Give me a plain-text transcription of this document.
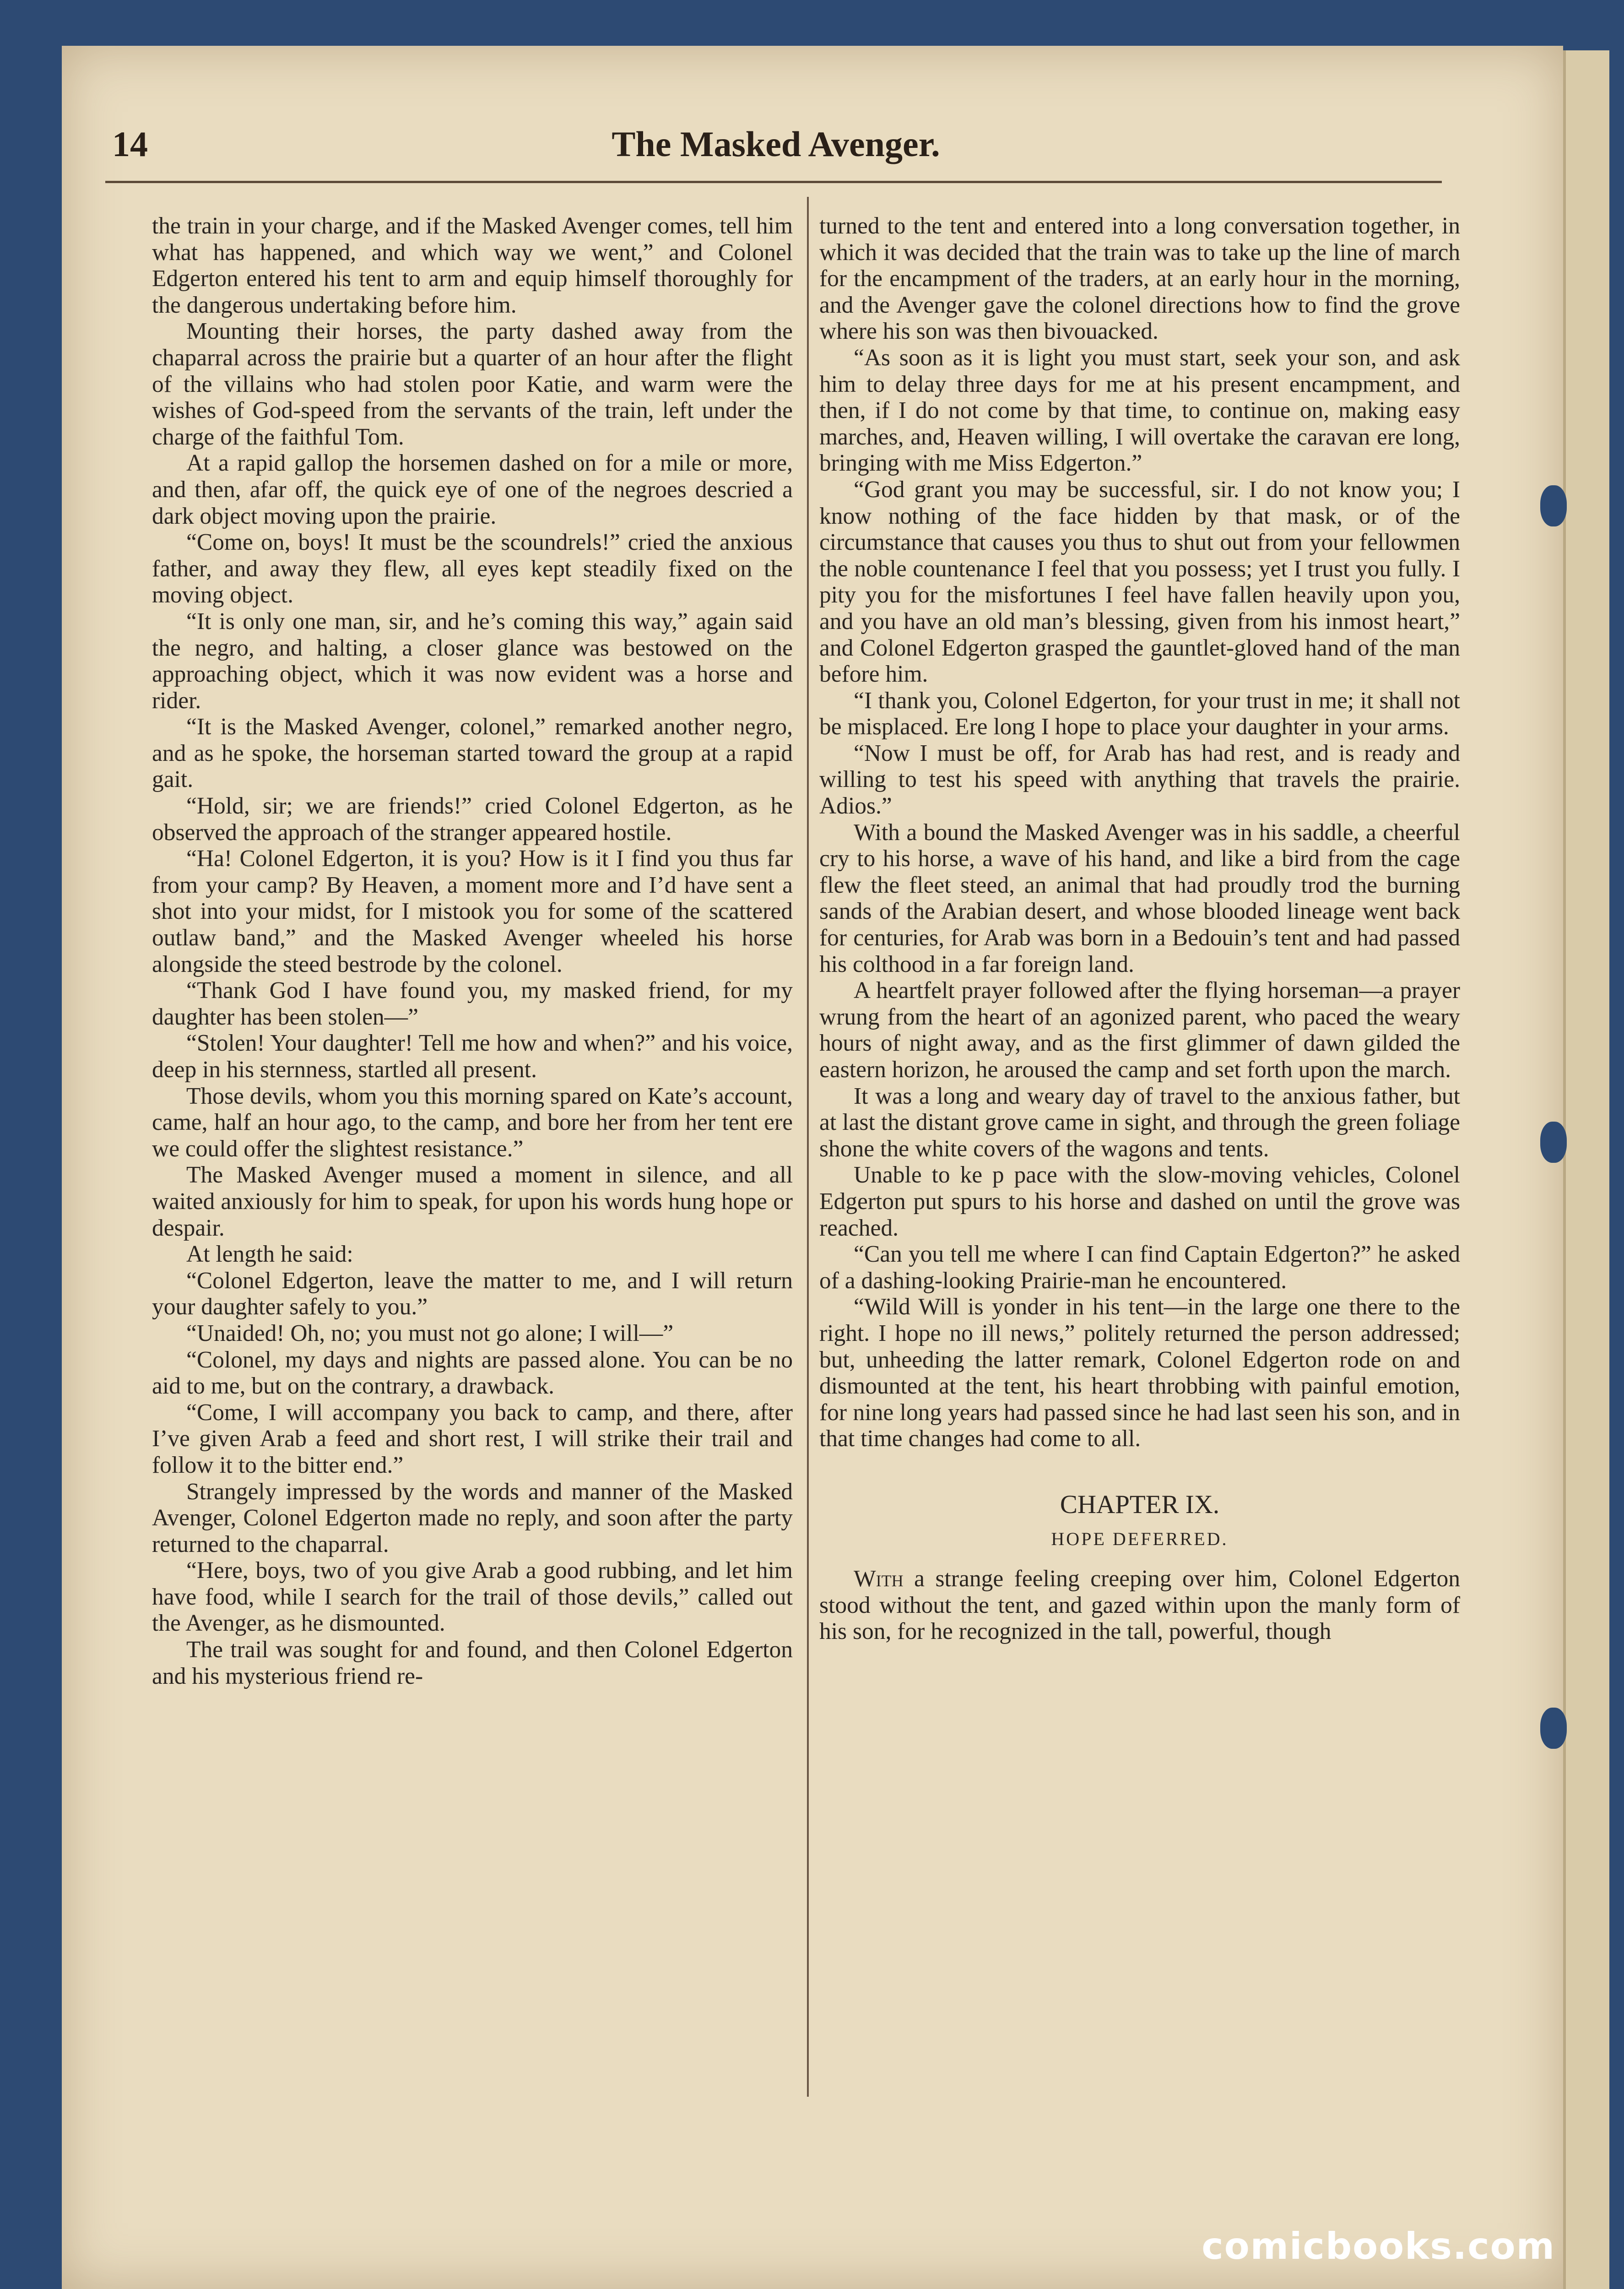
14	The Masked Avenger.

the train in your charge, and if the Masked Avenger comes, tell him what has happened, and which way we went,” and Colonel Edgerton entered his tent to arm and equip himself thoroughly for the dangerous undertaking before him.

Mounting their horses, the party dashed away from the chaparral across the prairie but a quarter of an hour after the flight of the villains who had stolen poor Katie, and warm were the wishes of God-speed from the servants of the train, left under the charge of the faithful Tom.

At a rapid gallop the horsemen dashed on for a mile or more, and then, afar off, the quick eye of one of the negroes descried a dark object moving upon the prairie.

“Come on, boys! It must be the scoundrels!” cried the anxious father, and away they flew, all eyes kept steadily fixed on the moving object.

“It is only one man, sir, and he’s coming this way,” again said the negro, and halting, a closer glance was bestowed on the approaching object, which it was now evident was a horse and rider.

“It is the Masked Avenger, colonel,” remarked another negro, and as he spoke, the horseman started toward the group at a rapid gait.

“Hold, sir; we are friends!” cried Colonel Edgerton, as he observed the approach of the stranger appeared hostile.

“Ha! Colonel Edgerton, it is you? How is it I find you thus far from your camp? By Heaven, a moment more and I’d have sent a shot into your midst, for I mistook you for some of the scattered outlaw band,” and the Masked Avenger wheeled his horse alongside the steed bestrode by the colonel.

“Thank God I have found you, my masked friend, for my daughter has been stolen—”

“Stolen! Your daughter! Tell me how and when?” and his voice, deep in his sternness, startled all present.

Those devils, whom you this morning spared on Kate’s account, came, half an hour ago, to the camp, and bore her from her tent ere we could offer the slightest resistance.”

The Masked Avenger mused a moment in silence, and all waited anxiously for him to speak, for upon his words hung hope or despair.

At length he said:

“Colonel Edgerton, leave the matter to me, and I will return your daughter safely to you.”

“Unaided! Oh, no; you must not go alone; I will—”

“Colonel, my days and nights are passed alone. You can be no aid to me, but on the contrary, a drawback.

“Come, I will accompany you back to camp, and there, after I’ve given Arab a feed and short rest, I will strike their trail and follow it to the bitter end.”

Strangely impressed by the words and manner of the Masked Avenger, Colonel Edgerton made no reply, and soon after the party returned to the chaparral.

“Here, boys, two of you give Arab a good rubbing, and let him have food, while I search for the trail of those devils,” called out the Avenger, as he dismounted.

The trail was sought for and found, and then Colonel Edgerton and his mysterious friend re-

turned to the tent and entered into a long conversation together, in which it was decided that the train was to take up the line of march for the encampment of the traders, at an early hour in the morning, and the Avenger gave the colonel directions how to find the grove where his son was then bivouacked.

“As soon as it is light you must start, seek your son, and ask him to delay three days for me at his present encampment, and then, if I do not come by that time, to continue on, making easy marches, and, Heaven willing, I will overtake the caravan ere long, bringing with me Miss Edgerton.”

“God grant you may be successful, sir. I do not know you; I know nothing of the face hidden by that mask, or of the circumstance that causes you thus to shut out from your fellowmen the noble countenance I feel that you possess; yet I trust you fully. I pity you for the misfortunes I feel have fallen heavily upon you, and you have an old man’s blessing, given from his inmost heart,” and Colonel Edgerton grasped the gauntlet-gloved hand of the man before him.

“I thank you, Colonel Edgerton, for your trust in me; it shall not be misplaced. Ere long I hope to place your daughter in your arms.

“Now I must be off, for Arab has had rest, and is ready and willing to test his speed with anything that travels the prairie. Adios.”

With a bound the Masked Avenger was in his saddle, a cheerful cry to his horse, a wave of his hand, and like a bird from the cage flew the fleet steed, an animal that had proudly trod the burning sands of the Arabian desert, and whose blooded lineage went back for centuries, for Arab was born in a Bedouin’s tent and had passed his colthood in a far foreign land.

A heartfelt prayer followed after the flying horseman—a prayer wrung from the heart of an agonized parent, who paced the weary hours of night away, and as the first glimmer of dawn gilded the eastern horizon, he aroused the camp and set forth upon the march.

It was a long and weary day of travel to the anxious father, but at last the distant grove came in sight, and through the green foliage shone the white covers of the wagons and tents.

Unable to ke p pace with the slow-moving vehicles, Colonel Edgerton put spurs to his horse and dashed on until the grove was reached.

“Can you tell me where I can find Captain Edgerton?” he asked of a dashing-looking Prairie-man he encountered.

“Wild Will is yonder in his tent—in the large one there to the right. I hope no ill news,” politely returned the person addressed; but, unheeding the latter remark, Colonel Edgerton rode on and dismounted at the tent, his heart throbbing with painful emotion, for nine long years had passed since he had last seen his son, and in that time changes had come to all.

CHAPTER IX.
HOPE DEFERRED.

With a strange feeling creeping over him, Colonel Edgerton stood without the tent, and gazed within upon the manly form of his son, for he recognized in the tall, powerful, though

comicbooks.com
